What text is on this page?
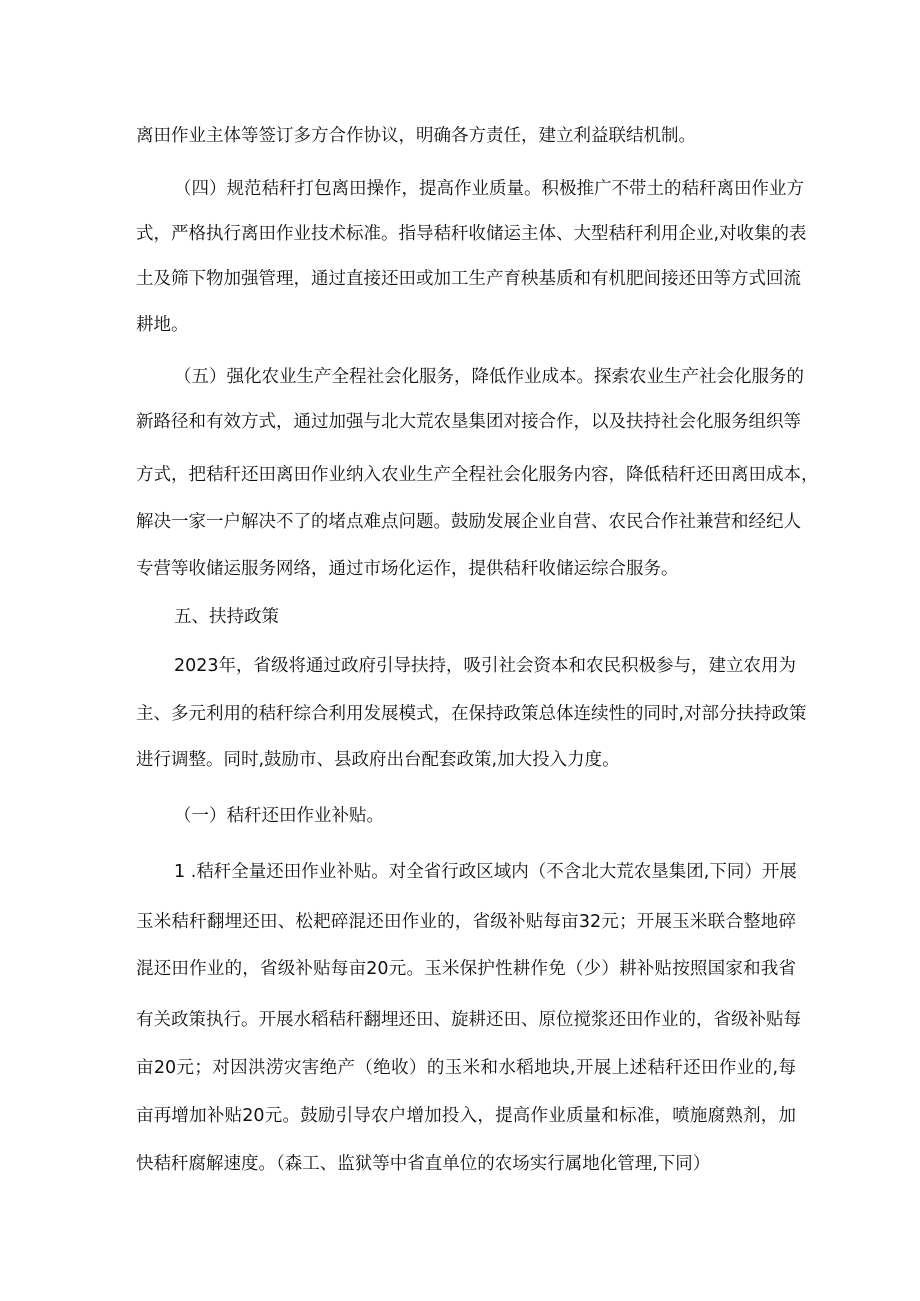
离田作业主体等签订多方合作协议，明确各方责任，建立利益联结机制。
（四）规范秸秆打包离田操作，提高作业质量。积极推广不带土的秸秆离田作业方
式，严格执行离田作业技术标准。指导秸秆收储运主体、大型秸秆利用企业,对收集的表
土及筛下物加强管理，通过直接还田或加工生产育秧基质和有机肥间接还田等方式回流
耕地。
（五）强化农业生产全程社会化服务，降低作业成本。探索农业生产社会化服务的
新路径和有效方式，通过加强与北大荒农垦集团对接合作，以及扶持社会化服务组织等
方式，把秸秆还田离田作业纳入农业生产全程社会化服务内容，降低秸秆还田离田成本，
解决一家一户解决不了的堵点难点问题。鼓励发展企业自营、农民合作社兼营和经纪人
专营等收储运服务网络，通过市场化运作，提供秸秆收储运综合服务。
五、扶持政策
2023年，省级将通过政府引导扶持，吸引社会资本和农民积极参与，建立农用为
主、多元利用的秸秆综合利用发展模式，在保持政策总体连续性的同时,对部分扶持政策
进行调整。同时,鼓励市、县政府出台配套政策,加大投入力度。
（一）秸秆还田作业补贴。
1 .秸秆全量还田作业补贴。对全省行政区域内（不含北大荒农垦集团,下同）开展
玉米秸秆翻埋还田、松耙碎混还田作业的，省级补贴每亩32元；开展玉米联合整地碎
混还田作业的，省级补贴每亩20元。玉米保护性耕作免（少）耕补贴按照国家和我省
有关政策执行。开展水稻秸秆翻埋还田、旋耕还田、原位搅浆还田作业的，省级补贴每
亩20元；对因洪涝灾害绝产（绝收）的玉米和水稻地块,开展上述秸秆还田作业的,每
亩再增加补贴20元。鼓励引导农户增加投入，提高作业质量和标准，喷施腐熟剂，加
快秸秆腐解速度。（森工、监狱等中省直单位的农场实行属地化管理,下同）
